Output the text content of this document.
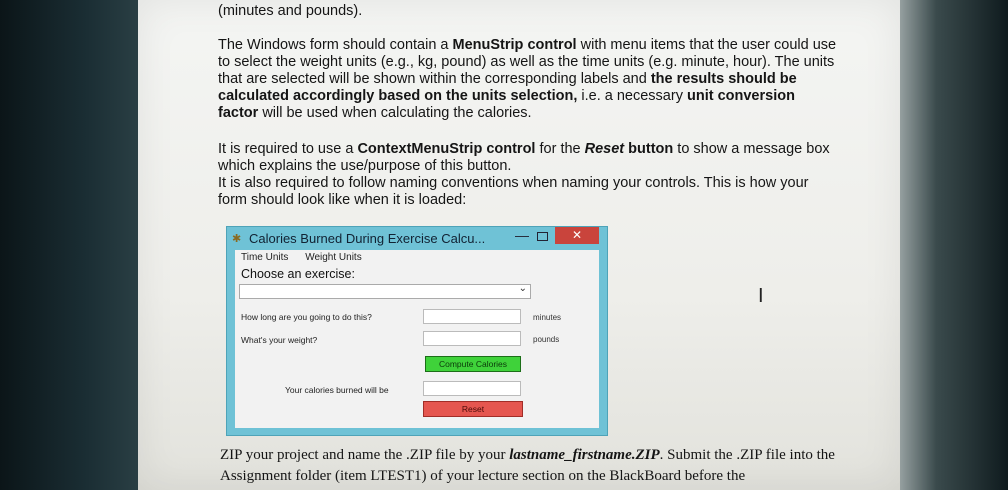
(minutes and pounds).
The Windows form should contain a MenuStrip control with menu items that the user could use to select the weight units (e.g., kg, pound) as well as the time units (e.g. minute, hour). The units that are selected will be shown within the corresponding labels and the results should be calculated accordingly based on the units selection, i.e. a necessary unit conversion factor will be used when calculating the calories.
It is required to use a ContextMenuStrip control for the Reset button to show a message box which explains the use/purpose of this button.
It is also required to follow naming conventions when naming your controls. This is how your form should look like when it is loaded:
✱ Calories Burned During Exercise Calcu... —	✕
Time Units Weight Units
Choose an exercise:
⌄
How long are you going to do this?	minutes
What's your weight?	pounds
Compute Calories
Your calories burned will be
Reset
I
ZIP your project and name the .ZIP file by your lastname_firstname.ZIP. Submit the .ZIP file into the Assignment folder (item LTEST1) of your lecture section on the BlackBoard before the
